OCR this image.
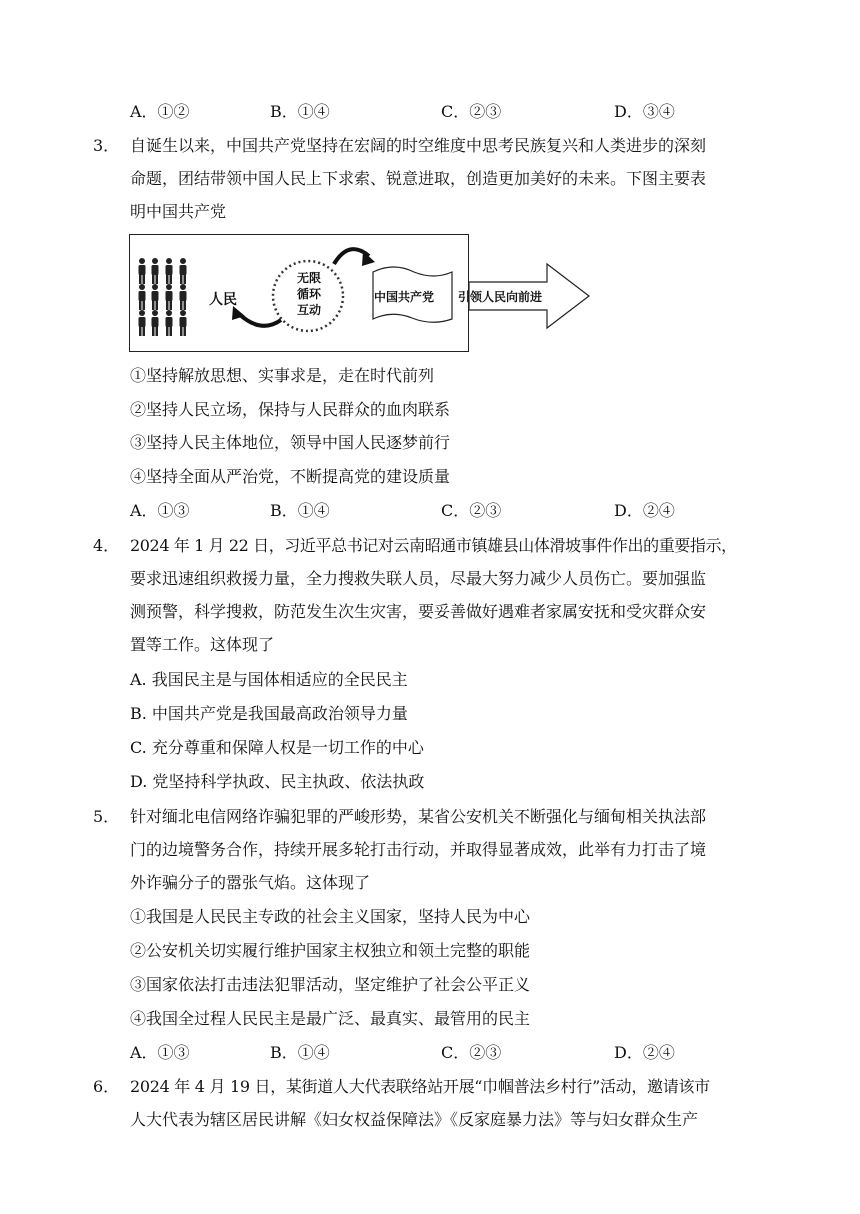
A．①②	B．①④	C．②③	D．③④
3． 自诞生以来，中国共产党坚持在宏阔的时空维度中思考民族复兴和人类进步的深刻
命题，团结带领中国人民上下求索、锐意进取，创造更加美好的未来。下图主要表
明中国共产党
人民
无限
循环
互动
中国共产党 引领人民向前进
①坚持解放思想、实事求是，走在时代前列
②坚持人民立场，保持与人民群众的血肉联系
③坚持人民主体地位，领导中国人民逐梦前行
④坚持全面从严治党，不断提高党的建设质量
A．①③	B．①④	C．②③	D．②④
4． 2024 年 1 月 22 日，习近平总书记对云南昭通市镇雄县山体滑坡事件作出的重要指示，
要求迅速组织救援力量，全力搜救失联人员，尽最大努力减少人员伤亡。要加强监
测预警，科学搜救，防范发生次生灾害，要妥善做好遇难者家属安抚和受灾群众安
置等工作。这体现了
A. 我国民主是与国体相适应的全民民主
B. 中国共产党是我国最高政治领导力量
C. 充分尊重和保障人权是一切工作的中心
D. 党坚持科学执政、民主执政、依法执政
5． 针对缅北电信网络诈骗犯罪的严峻形势，某省公安机关不断强化与缅甸相关执法部
门的边境警务合作，持续开展多轮打击行动，并取得显著成效，此举有力打击了境
外诈骗分子的嚣张气焰。这体现了
①我国是人民民主专政的社会主义国家，坚持人民为中心
②公安机关切实履行维护国家主权独立和领土完整的职能
③国家依法打击违法犯罪活动，坚定维护了社会公平正义
④我国全过程人民民主是最广泛、最真实、最管用的民主
A．①③	B．①④	C．②③	D．②④
6． 2024 年 4 月 19 日，某街道人大代表联络站开展“巾帼普法乡村行”活动，邀请该市
人大代表为辖区居民讲解《妇女权益保障法》《反家庭暴力法》等与妇女群众生产
